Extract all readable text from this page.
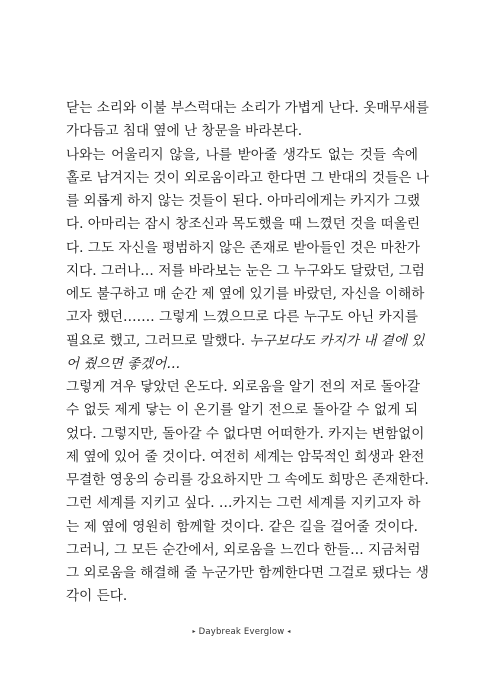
닫는 소리와 이불 부스럭대는 소리가 가볍게 난다. 옷매무새를
가다듬고 침대 옆에 난 창문을 바라본다.
나와는 어울리지 않을, 나를 받아줄 생각도 없는 것들 속에
홀로 남겨지는 것이 외로움이라고 한다면 그 반대의 것들은 나
를 외롭게 하지 않는 것들이 된다. 아마리에게는 카지가 그랬
다. 아마리는 잠시 창조신과 목도했을 때 느꼈던 것을 떠올린
다. 그도 자신을 평범하지 않은 존재로 받아들인 것은 마찬가
지다. 그러나… 저를 바라보는 눈은 그 누구와도 달랐던, 그럼
에도 불구하고 매 순간 제 옆에 있기를 바랐던, 자신을 이해하
고자 했던……. 그렇게 느꼈으므로 다른 누구도 아닌 카지를
필요로 했고, 그러므로 말했다. 누구보다도 카지가 내 곁에 있
어 줬으면 좋겠어…
그렇게 겨우 닿았던 온도다. 외로움을 알기 전의 저로 돌아갈
수 없듯 제게 닿는 이 온기를 알기 전으로 돌아갈 수 없게 되
었다. 그렇지만, 돌아갈 수 없다면 어떠한가. 카지는 변함없이
제 옆에 있어 줄 것이다. 여전히 세계는 암묵적인 희생과 완전
무결한 영웅의 승리를 강요하지만 그 속에도 희망은 존재한다.
그런 세계를 지키고 싶다. …카지는 그런 세계를 지키고자 하
는 제 옆에 영원히 함께할 것이다. 같은 길을 걸어줄 것이다.
그러니, 그 모든 순간에서, 외로움을 느낀다 한들… 지금처럼
그 외로움을 해결해 줄 누군가만 함께한다면 그걸로 됐다는 생
각이 든다.
▸ Daybreak Everglow ◂
